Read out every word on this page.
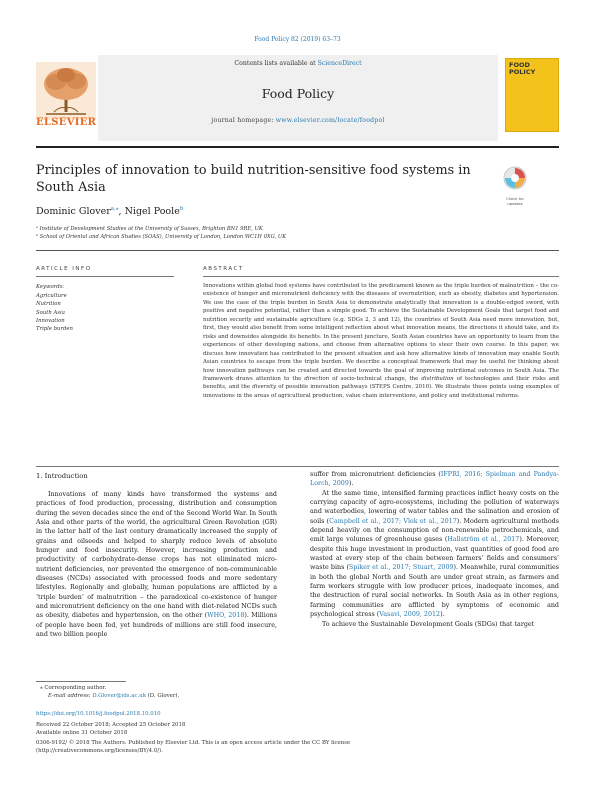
Food Policy 82 (2019) 63–73
Contents lists available at ScienceDirect
Food Policy
journal homepage: www.elsevier.com/locate/foodpol
ELSEVIER
FOOD
POLICY
Principles of innovation to build nutrition-sensitive food systems in South Asia
Check for updates
Dominic Glover$^{a,⁎}$, Nigel Poole$^b$
ᵃ Institute of Development Studies at the University of Sussex, Brighton BN1 9RE, UK
ᵇ School of Oriental and African Studies (SOAS), University of London, London WC1H 0XG, UK
ARTICLE INFO
Keywords:
Agriculture
Nutrition
South Asia
Innovation
Triple burden
ABSTRACT
Innovations within global food systems have contributed to the predicament known as the triple burden of malnutrition – the co-existence of hunger and micronutrient deficiency with the diseases of overnutrition, such as obesity, diabetes and hypertension. We use the case of the triple burden in South Asia to demonstrate analytically that innovation is a double-edged sword, with positive and negative potential, rather than a simple good. To achieve the Sustainable Development Goals that target food and nutrition security and sustainable agriculture (e.g. SDGs 2, 3 and 12), the countries of South Asia need more innovation, but, first, they would also benefit from some intelligent reflection about what innovation means, the directions it should take, and its risks and downsides alongside its benefits. In the present juncture, South Asian countries have an opportunity to learn from the experiences of other developing nations, and choose from alternative options to steer their own course. In this paper, we discuss how innovation has contributed to the present situation and ask how alternative kinds of innovation may enable South Asian countries to escape from the triple burden. We describe a conceptual framework that may be useful for thinking about how innovation pathways can be created and directed towards the goal of improving nutritional outcomes in South Asia. The framework draws attention to the direction of socio-technical change, the distribution of technologies and their risks and benefits, and the diversity of possible innovation pathways (STEPS Centre, 2010). We illustrate these points using examples of innovations in the areas of agricultural production, value chain interventions, and policy and institutional reforms.
1. Introduction

Innovations of many kinds have transformed the systems and practices of food production, processing, distribution and consumption during the seven decades since the end of the Second World War. In South Asia and other parts of the world, the agricultural Green Revolution (GR) in the latter half of the last century dramatically increased the supply of grains and oilseeds and helped to sharply reduce levels of absolute hunger and food insecurity. However, increasing production and productivity of carbohydrate-dense crops has not eliminated micro-nutrient deficiencies, nor prevented the emergence of non-communicable diseases (NCDs) associated with processed foods and more sedentary lifestyles. Regionally and globally, human populations are afflicted by a ‘triple burden’ of malnutrition – the paradoxical co-existence of hunger and micronutrient deficiency on the one hand with diet-related NCDs such as obesity, diabetes and hypertension, on the other (WHO, 2018). Millions of people have been fed, yet hundreds of millions are still food insecure, and two billion people

suffer from micronutrient deficiencies (IFPRI, 2016; Spielman and Pandya-Lorch, 2009).

At the same time, intensified farming practices inflict heavy costs on the carrying capacity of agro-ecosystems, including the pollution of waterways and waterbodies, lowering of water tables and the salination and erosion of soils (Campbell et al., 2017; Vlek et al., 2017). Modern agricultural methods depend heavily on the consumption of non-renewable petrochemicals, and emit large volumes of greenhouse gases (Hallström et al., 2017). Moreover, despite this huge investment in production, vast quantities of good food are wasted at every step of the chain between farmers’ fields and consumers’ waste bins (Spiker et al., 2017; Stuart, 2009). Meanwhile, rural communities in both the global North and South are under great strain, as farmers and farm workers struggle with low producer prices, inadequate incomes, and the destruction of rural social networks. In South Asia as in other regions, farming communities are afflicted by symptoms of economic and psychological stress (Vasavi, 2009, 2012).

To achieve the Sustainable Development Goals (SDGs) that target

⁎ Corresponding author.
E-mail address: D.Glover@ids.ac.uk (D. Glover).
https://doi.org/10.1016/j.foodpol.2018.10.010
Received 22 October 2018; Accepted 25 October 2018
Available online 31 October 2018
0306-9192/ © 2018 The Authors. Published by Elsevier Ltd. This is an open access article under the CC BY license (http://creativecommons.org/licenses/BY/4.0/).
